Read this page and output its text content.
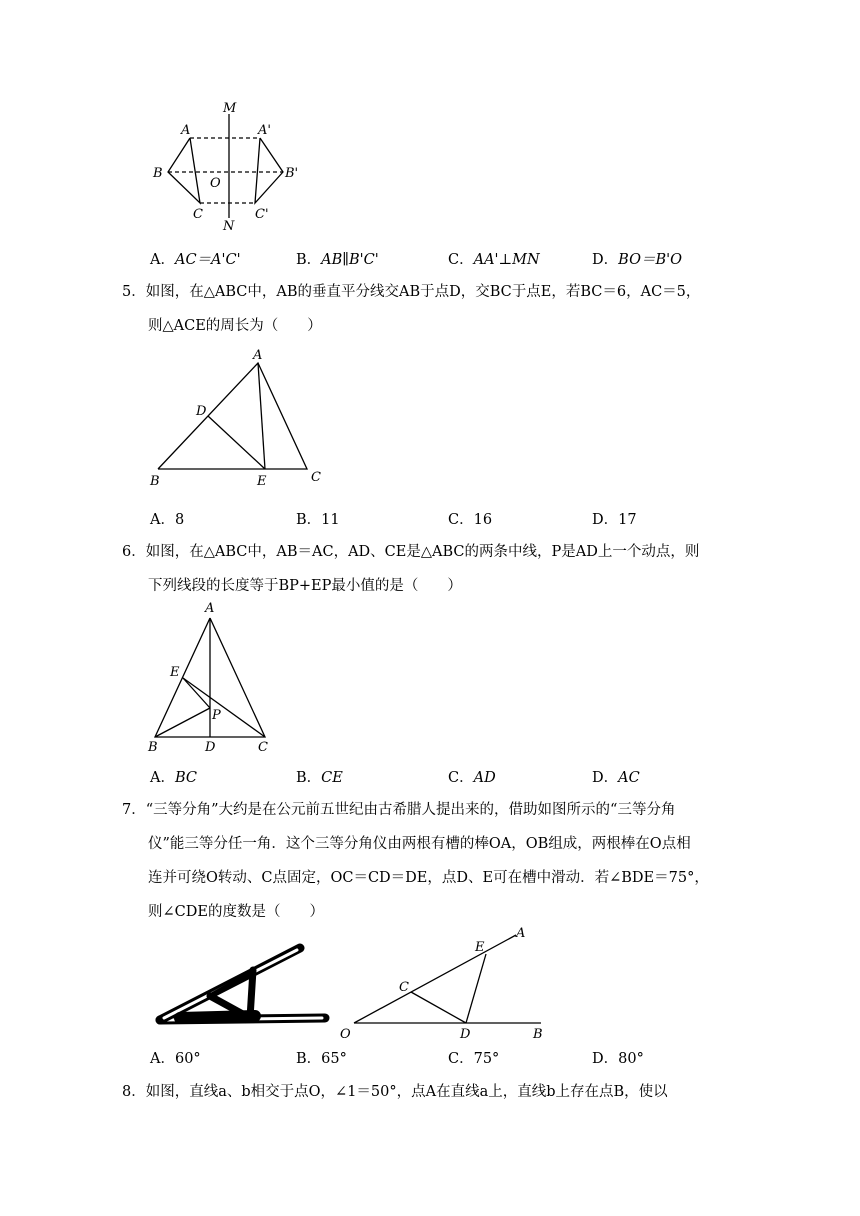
M
N
A	A'
B	B'
C	C'
O
A．AC＝A'C'	B．AB∥B'C'	C．AA'⊥MN	D．BO＝B'O
5．如图，在△ABC中，AB的垂直平分线交AB于点D，交BC于点E，若BC＝6，AC＝5，
则△ACE的周长为（　　）
A
B	C
D
E
A．8	B．11	C．16	D．17
6．如图，在△ABC中，AB＝AC，AD、CE是△ABC的两条中线，P是AD上一个动点，则
下列线段的长度等于BP+EP最小值的是（　　）
A
B	C
D
E
P
A．BC	B．CE	C．AD	D．AC
7．“三等分角”大约是在公元前五世纪由古希腊人提出来的，借助如图所示的“三等分角
仪”能三等分任一角．这个三等分角仪由两根有槽的棒OA，OB组成，两根棒在O点相
连并可绕O转动、C点固定，OC＝CD＝DE，点D、E可在槽中滑动．若∠BDE＝75°，
则∠CDE的度数是（　　）
O
A
B
C
D
E
A．60°	B．65°	C．75°	D．80°
8．如图，直线a、b相交于点O，∠1＝50°，点A在直线a上，直线b上存在点B，使以
